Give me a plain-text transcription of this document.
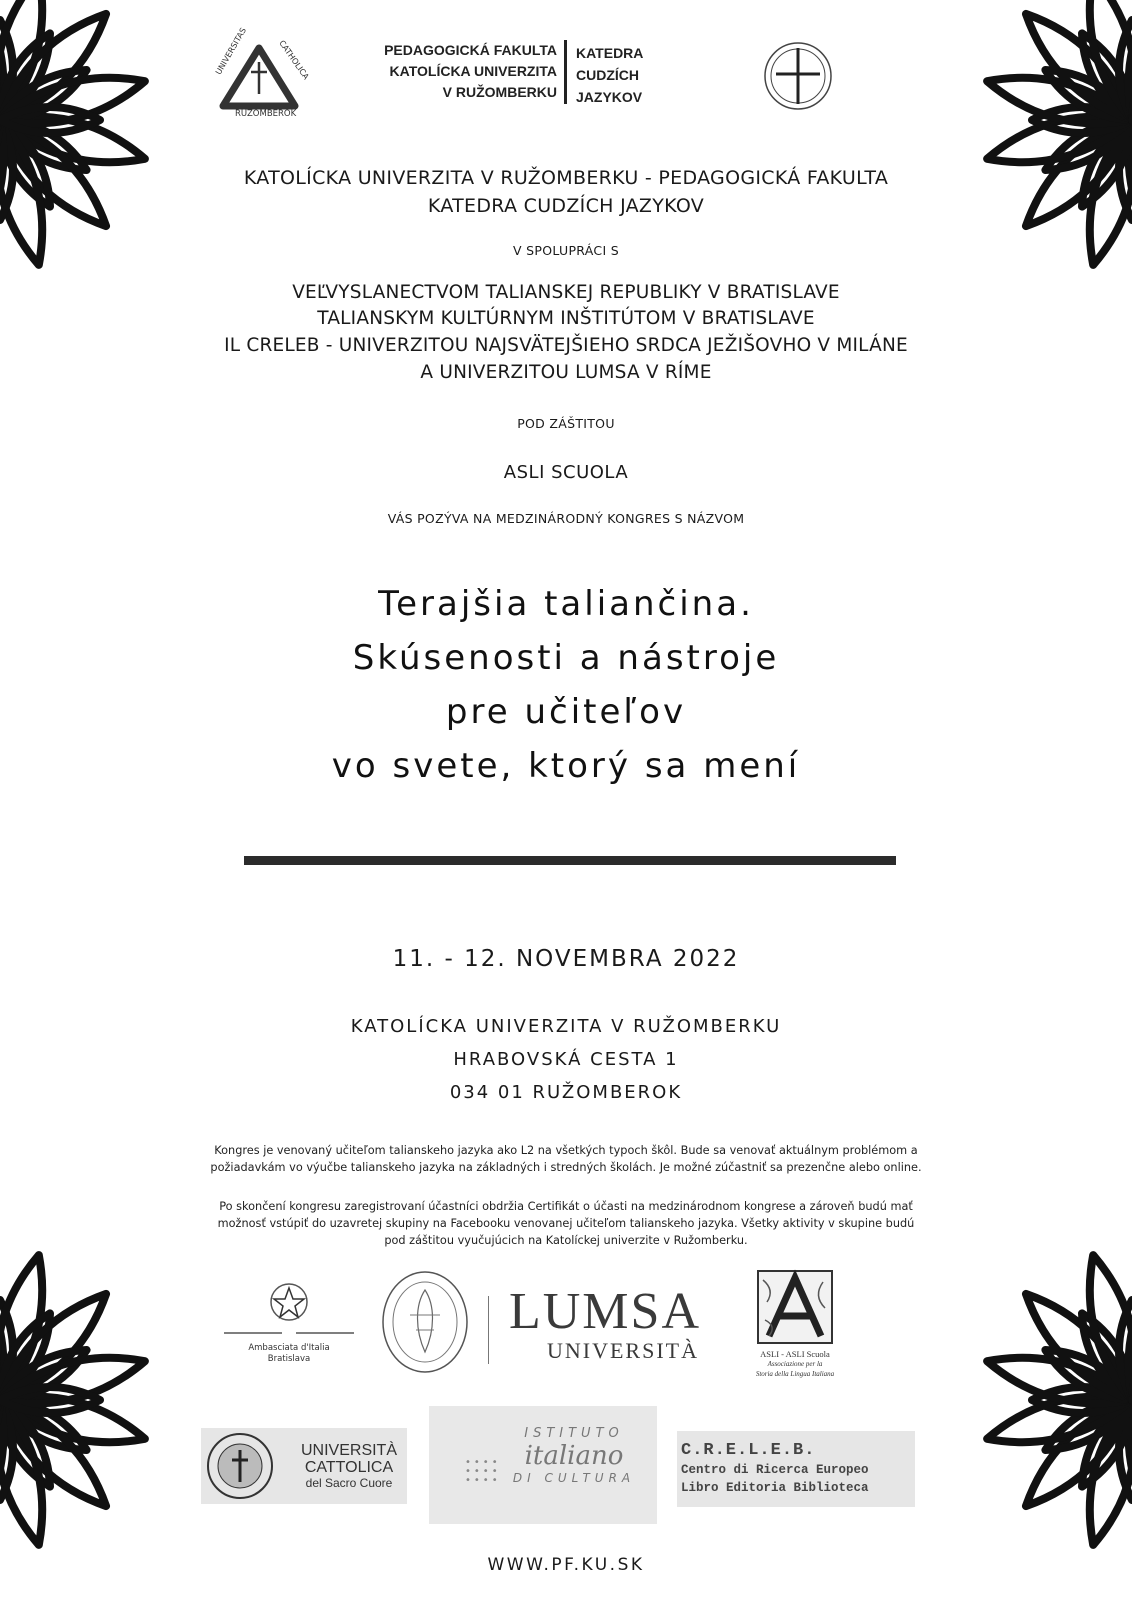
UNIVERSITAS	CATHOLICA
RUŽOMBEROK
PEDAGOGICKÁ FAKULTA
KATOLÍCKA UNIVERZITA
V RUŽOMBERKU
KATEDRA
CUDZÍCH
JAZYKOV
KATOLÍCKA UNIVERZITA V RUŽOMBERKU - PEDAGOGICKÁ FAKULTA
KATEDRA CUDZÍCH JAZYKOV
V SPOLUPRÁCI S
VEĽVYSLANECTVOM TALIANSKEJ REPUBLIKY V BRATISLAVE
TALIANSKYM KULTÚRNYM INŠTITÚTOM V BRATISLAVE
IL CRELEB - UNIVERZITOU NAJSVÄTEJŠIEHO SRDCA JEŽIŠOVHO V MILÁNE
A UNIVERZITOU LUMSA V RÍME
POD ZÁŠTITOU
ASLI SCUOLA
VÁS POZÝVA NA MEDZINÁRODNÝ KONGRES S NÁZVOM
Terajšia taliančina.
Skúsenosti a nástroje
pre učiteľov
vo svete, ktorý sa mení
11. - 12. NOVEMBRA 2022
KATOLÍCKA UNIVERZITA V RUŽOMBERKU
HRABOVSKÁ CESTA 1
034 01 RUŽOMBEROK
Kongres je venovaný učiteľom talianskeho jazyka ako L2 na všetkých typoch škôl. Bude sa venovať aktuálnym problémom a
požiadavkám vo výučbe talianskeho jazyka na základných i stredných školách. Je možné zúčastniť sa prezenčne alebo online.
Po skončení kongresu zaregistrovaní účastníci obdržia Certifikát o účasti na medzinárodnom kongrese a zároveň budú mať
možnosť vstúpiť do uzavretej skupiny na Facebooku venovanej učiteľom talianskeho jazyka. Všetky aktivity v skupine budú
pod záštitou vyučujúcich na Katolíckej univerzite v Ružomberku.
Ambasciata d'Italia
Bratislava
LUMSA
UNIVERSITÀ	ASLI - ASLI Scuola
Associazione per la
Storia della Lingua Italiana
UNIVERSITÀ
CATTOLICA
del Sacro Cuore
••••
••••
••••
ISTITUTO
italiano
DI CULTURA
C.R.E.L.E.B.
Centro di Ricerca Europeo
Libro Editoria Biblioteca
WWW.PF.KU.SK
